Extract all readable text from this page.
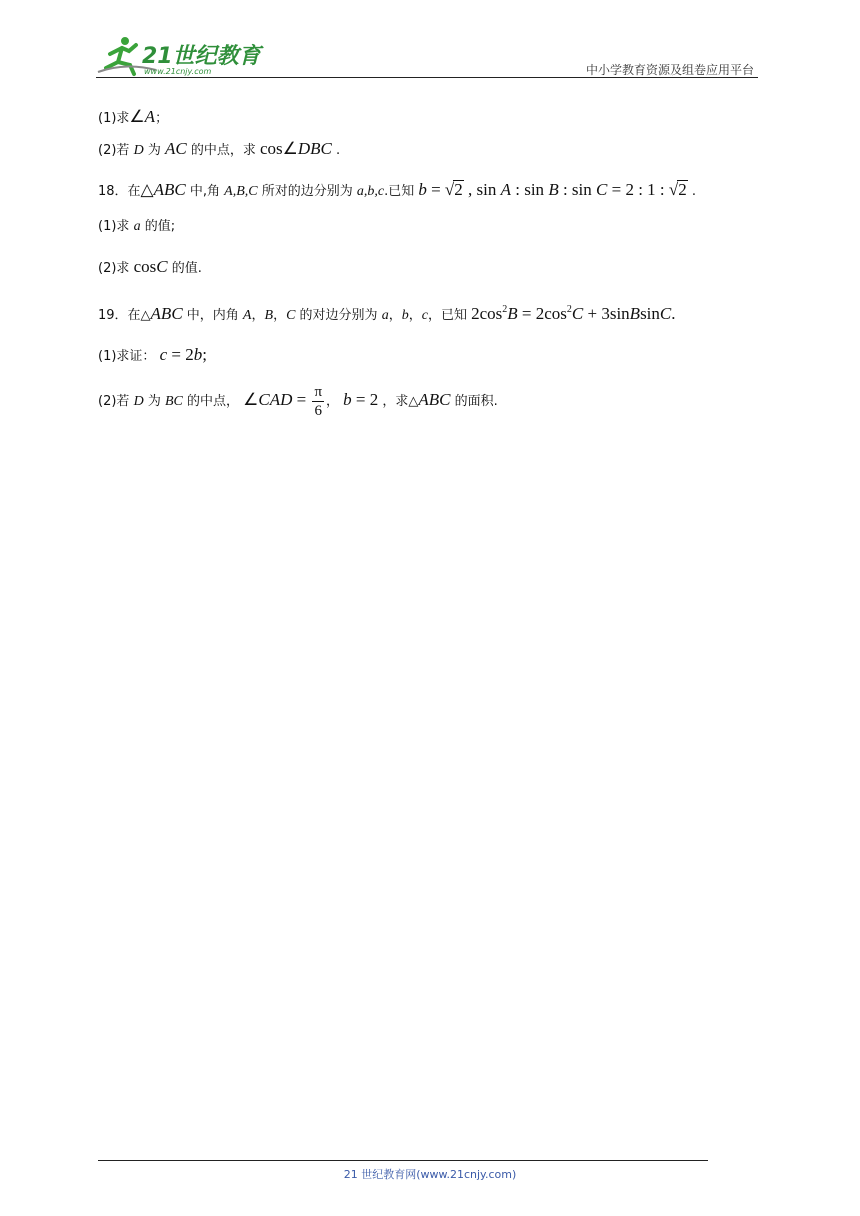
21世纪教育
www.21cnjy.com	中小学教育资源及组卷应用平台
(1)求∠A；
(2)若 D 为 AC 的中点，求 cos∠DBC .
18．在△ABC 中,角 A,B,C 所对的边分别为 a,b,c.已知 b = √2 , sin A : sin B : sin C = 2 : 1 : √2 .
(1)求 a 的值;
(2)求 cosC 的值.
19．在△ABC 中，内角 A，B，C 的对边分别为 a，b，c，已知 $2\cos^2B = 2\cos^2C$ + 3sinBsinC.
(1)求证： c = 2b;
(2)若 D 为 BC 的中点， ∠CAD = $\frac{\pi}{6}$ ， b = 2 ，求△ABC 的面积.
21 世纪教育网(www.21cnjy.com)
